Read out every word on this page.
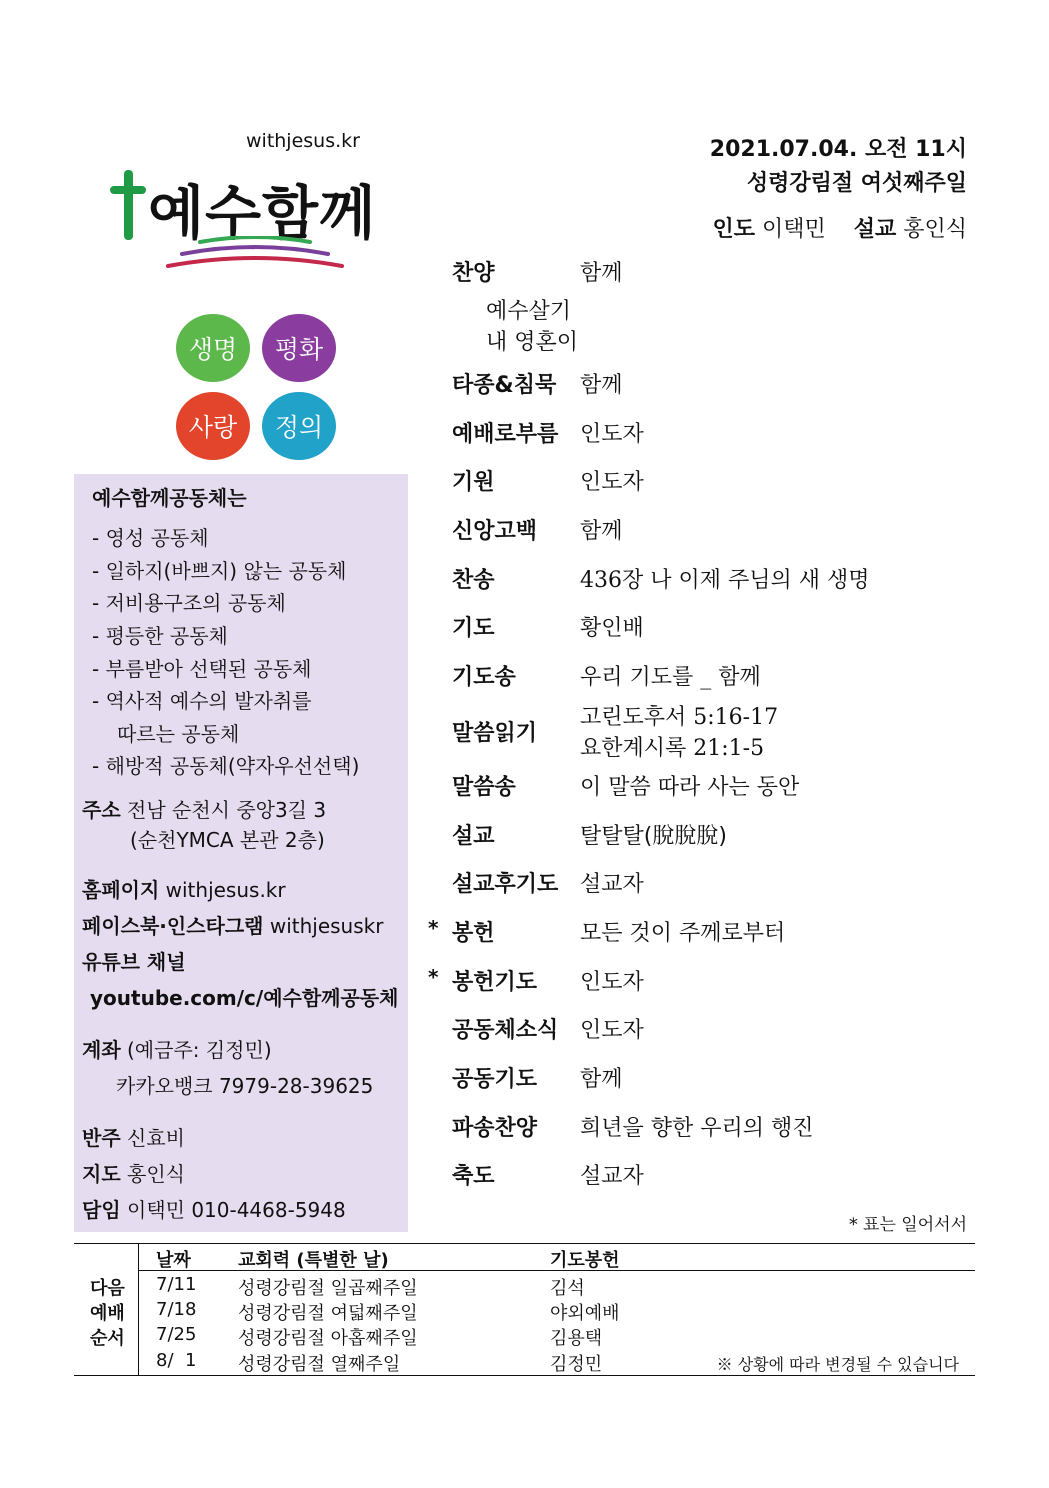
withjesus.kr
예수함께
생명	평화
사랑	정의
예수함께공동체는
- 영성 공동체
- 일하지(바쁘지) 않는 공동체
- 저비용구조의 공동체
- 평등한 공동체
- 부름받아 선택된 공동체
- 역사적 예수의 발자취를
따르는 공동체
- 해방적 공동체(약자우선선택)
주소 전남 순천시 중앙3길 3
(순천YMCA 본관 2층)
홈페이지 withjesus.kr
페이스북·인스타그램 withjesuskr
유튜브 채널
youtube.com/c/예수함께공동체
계좌 (예금주: 김정민)
카카오뱅크 7979-28-39625
반주 신효비
지도 홍인식
담임 이택민 010-4468-5948
2021.07.04. 오전 11시
성령강림절 여섯째주일
인도 이택민 설교 홍인식
찬양	함께
예수살기
내 영혼이
타종&침묵 함께
예배로부름 인도자
기원	인도자
신앙고백 함께
찬송	436장 나 이제 주님의 새 생명
기도	황인배
기도송	우리 기도를 _ 함께
말씀읽기
고린도후서 5:16-17
요한계시록 21:1-5
말씀송	이 말씀 따라 사는 동안
설교	탈탈탈(脫脫脫)
설교후기도 설교자
* 봉헌	모든 것이 주께로부터
* 봉헌기도 인도자
공동체소식 인도자
공동기도 함께
파송찬양 희년을 향한 우리의 행진
축도	설교자
* 표는 일어서서
날짜	교회력 (특별한 날)	기도봉헌
다음
예배
순서
7/11 성령강림절 일곱째주일	김석
7/18 성령강림절 여덟째주일	야외예배
7/25 성령강림절 아홉째주일	김용택
8/  1 성령강림절 열째주일	김정민	※ 상황에 따라 변경될 수 있습니다
